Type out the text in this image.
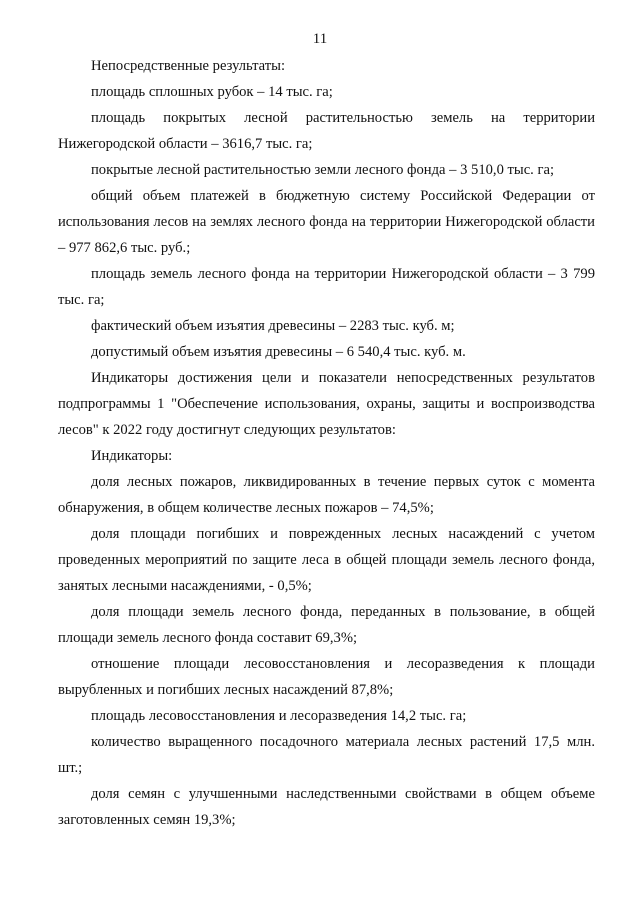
11

Непосредственные результаты:

площадь сплошных рубок – 14 тыс. га;

площадь покрытых лесной растительностью земель на территории Нижегородской области – 3616,7 тыс. га;

покрытые лесной растительностью земли лесного фонда – 3 510,0 тыс. га;

общий объем платежей в бюджетную систему Российской Федерации от использования лесов на землях лесного фонда на территории Нижегородской области – 977 862,6 тыс. руб.;

площадь земель лесного фонда на территории Нижегородской области – 3 799 тыс. га;

фактический объем изъятия древесины – 2283 тыс. куб. м;

допустимый объем изъятия древесины – 6 540,4 тыс. куб. м.

Индикаторы достижения цели и показатели непосредственных результатов подпрограммы 1 "Обеспечение использования, охраны, защиты и воспроизводства лесов" к 2022 году достигнут следующих результатов:

Индикаторы:

доля лесных пожаров, ликвидированных в течение первых суток с момента обнаружения, в общем количестве лесных пожаров – 74,5%;

доля площади погибших и поврежденных лесных насаждений с учетом проведенных мероприятий по защите леса в общей площади земель лесного фонда, занятых лесными насаждениями, - 0,5%;

доля площади земель лесного фонда, переданных в пользование, в общей площади земель лесного фонда составит 69,3%;

отношение площади лесовосстановления и лесоразведения к площади вырубленных и погибших лесных насаждений 87,8%;

площадь лесовосстановления и лесоразведения 14,2 тыс. га;

количество выращенного посадочного материала лесных растений 17,5 млн. шт.;

доля семян с улучшенными наследственными свойствами в общем объеме заготовленных семян 19,3%;
